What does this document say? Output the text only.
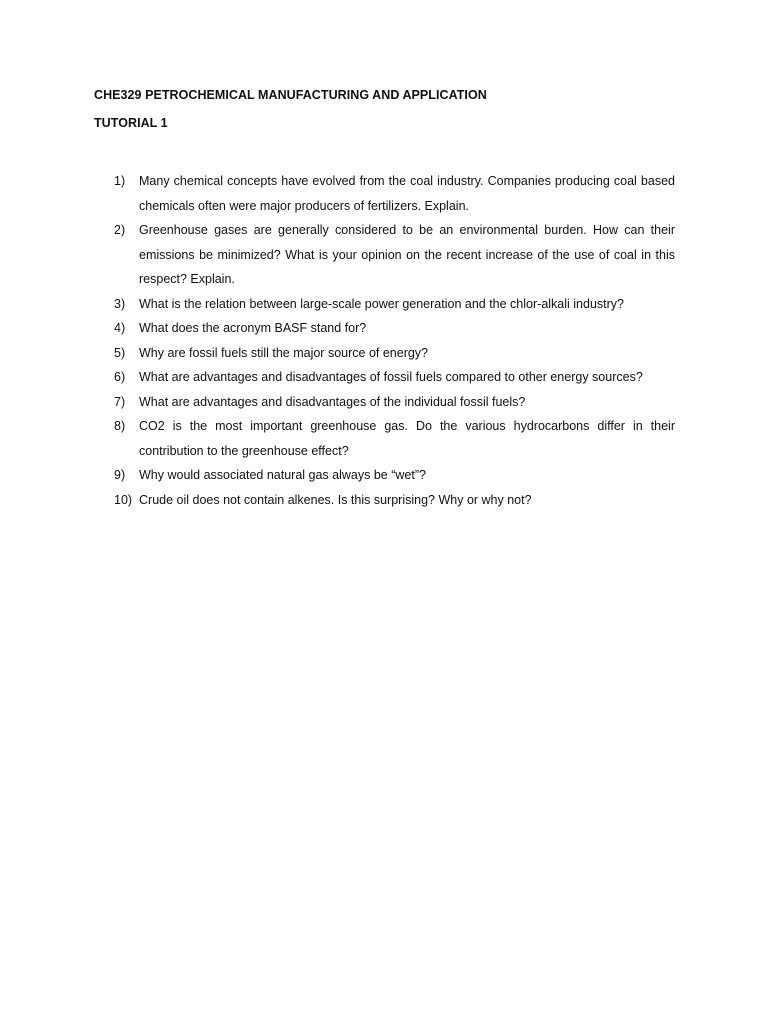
CHE329 PETROCHEMICAL MANUFACTURING AND APPLICATION
TUTORIAL 1
1)	Many chemical concepts have evolved from the coal industry. Companies producing coal based chemicals often were major producers of fertilizers. Explain.
2)	Greenhouse gases are generally considered to be an environmental burden. How can their emissions be minimized? What is your opinion on the recent increase of the use of coal in this respect? Explain.
3)	What is the relation between large-scale power generation and the chlor-alkali industry?
4)	What does the acronym BASF stand for?
5)	Why are fossil fuels still the major source of energy?
6)	What are advantages and disadvantages of fossil fuels compared to other energy sources?
7)	What are advantages and disadvantages of the individual fossil fuels?
8)	CO2 is the most important greenhouse gas. Do the various hydrocarbons differ in their contribution to the greenhouse effect?
9)	Why would associated natural gas always be “wet”?
10) Crude oil does not contain alkenes. Is this surprising? Why or why not?
